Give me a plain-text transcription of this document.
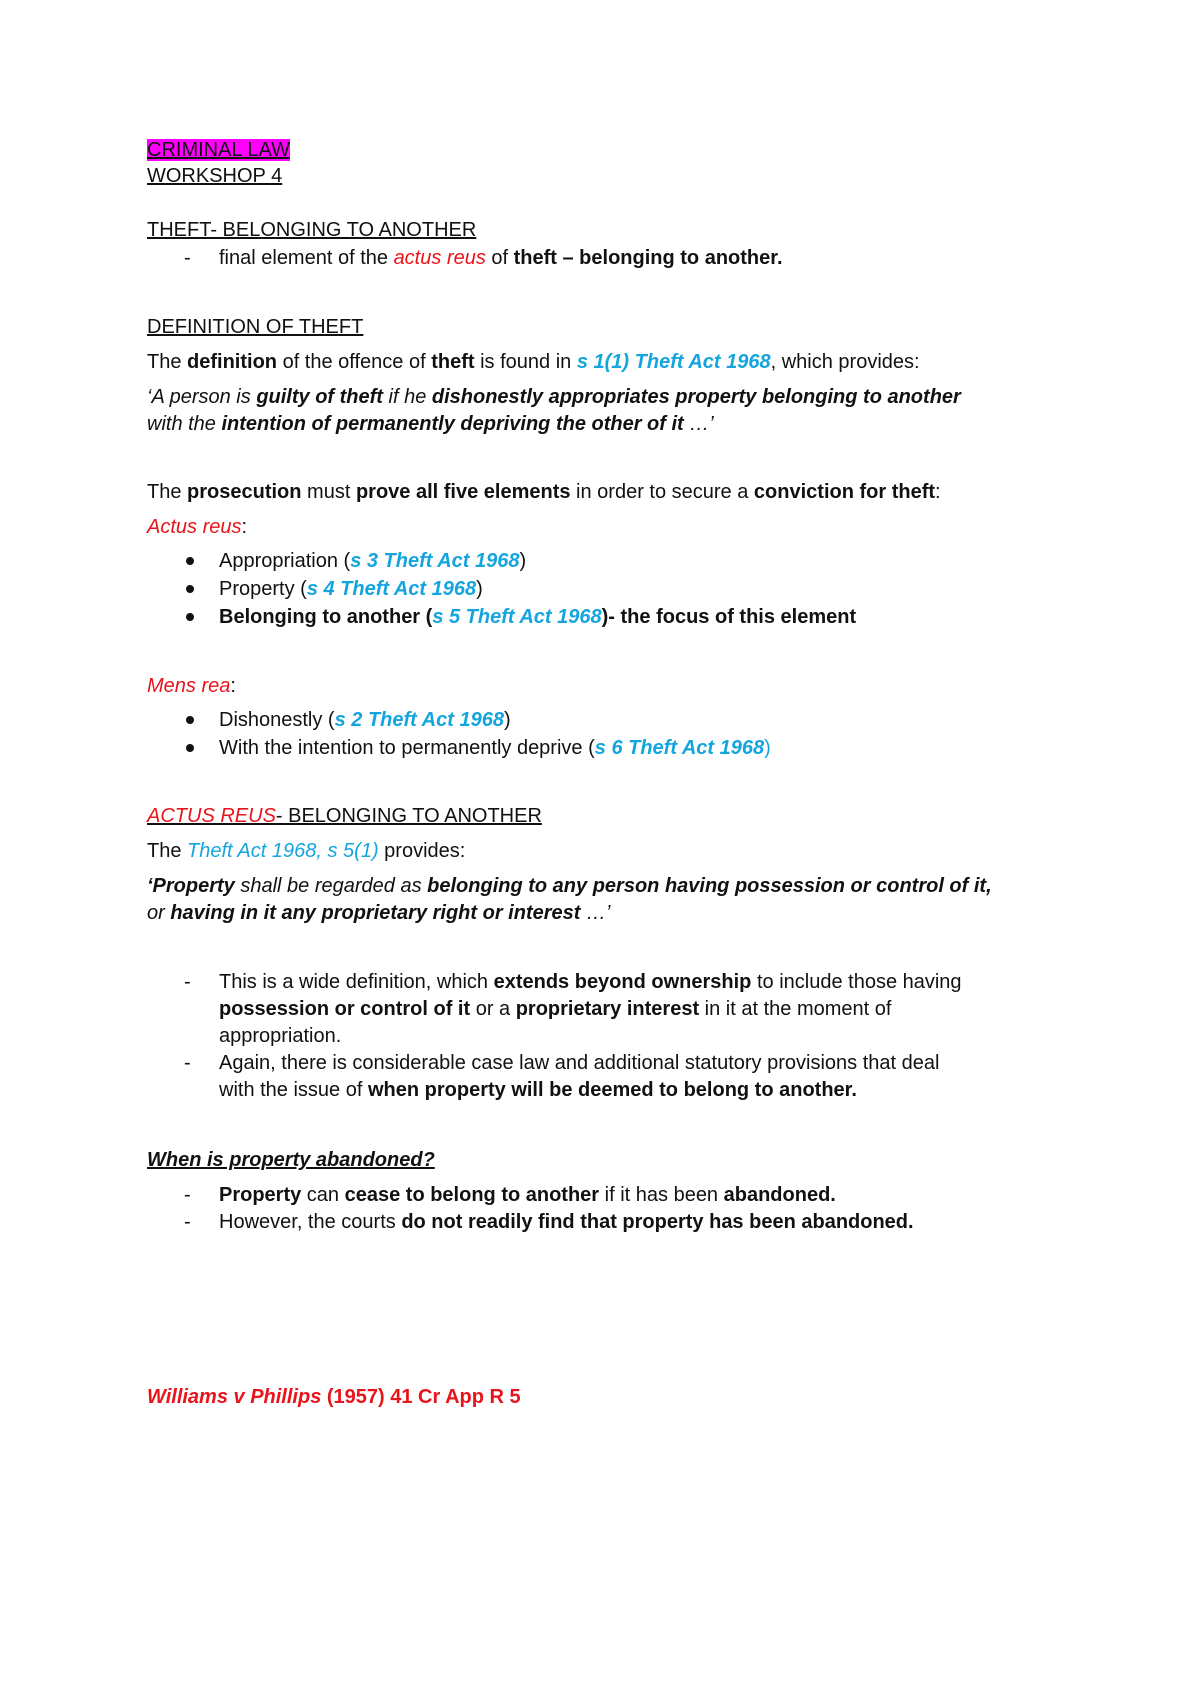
CRIMINAL LAW
WORKSHOP 4
THEFT- BELONGING TO ANOTHER
- final element of the actus reus of theft – belonging to another.
DEFINITION OF THEFT
The definition of the offence of theft is found in s 1(1) Theft Act 1968, which provides:
‘A person is guilty of theft if he dishonestly appropriates property belonging to another
with the intention of permanently depriving the other of it …’
The prosecution must prove all five elements in order to secure a conviction for theft:
Actus reus:
Appropriation (s 3 Theft Act 1968)
Property (s 4 Theft Act 1968)
Belonging to another (s 5 Theft Act 1968)- the focus of this element
Mens rea:
Dishonestly (s 2 Theft Act 1968)
With the intention to permanently deprive (s 6 Theft Act 1968)
ACTUS REUS- BELONGING TO ANOTHER
The Theft Act 1968, s 5(1) provides:
‘Property shall be regarded as belonging to any person having possession or control of it,
or having in it any proprietary right or interest …’
- This is a wide definition, which extends beyond ownership to include those having
possession or control of it or a proprietary interest in it at the moment of
appropriation.
- Again, there is considerable case law and additional statutory provisions that deal
with the issue of when property will be deemed to belong to another.
When is property abandoned?
- Property can cease to belong to another if it has been abandoned.
- However, the courts do not readily find that property has been abandoned.
Williams v Phillips (1957) 41 Cr App R 5
